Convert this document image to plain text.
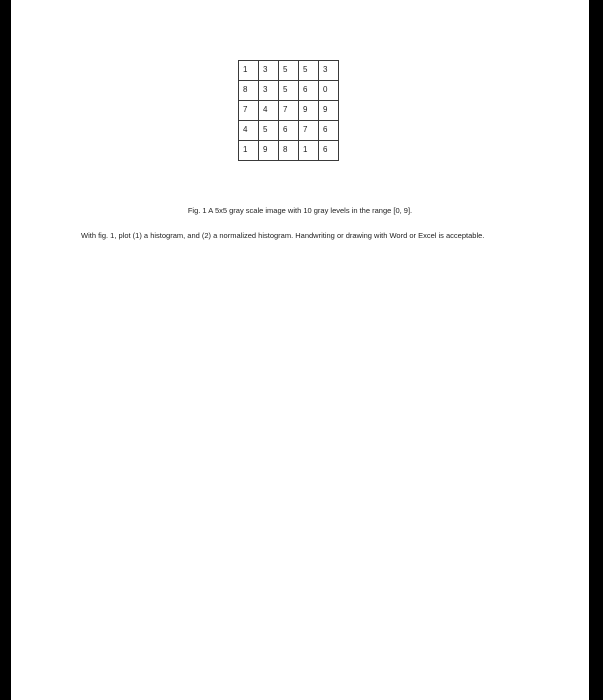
1	3	5	5	3

8	3	5	6	0

7	4	7	9	9

4	5	6	7	6

1	9	8	1	6
Fig. 1 A 5x5 gray scale image with 10 gray levels in the range [0, 9].
With fig. 1, plot (1) a histogram, and (2) a normalized histogram. Handwriting or drawing with Word or Excel is acceptable.
